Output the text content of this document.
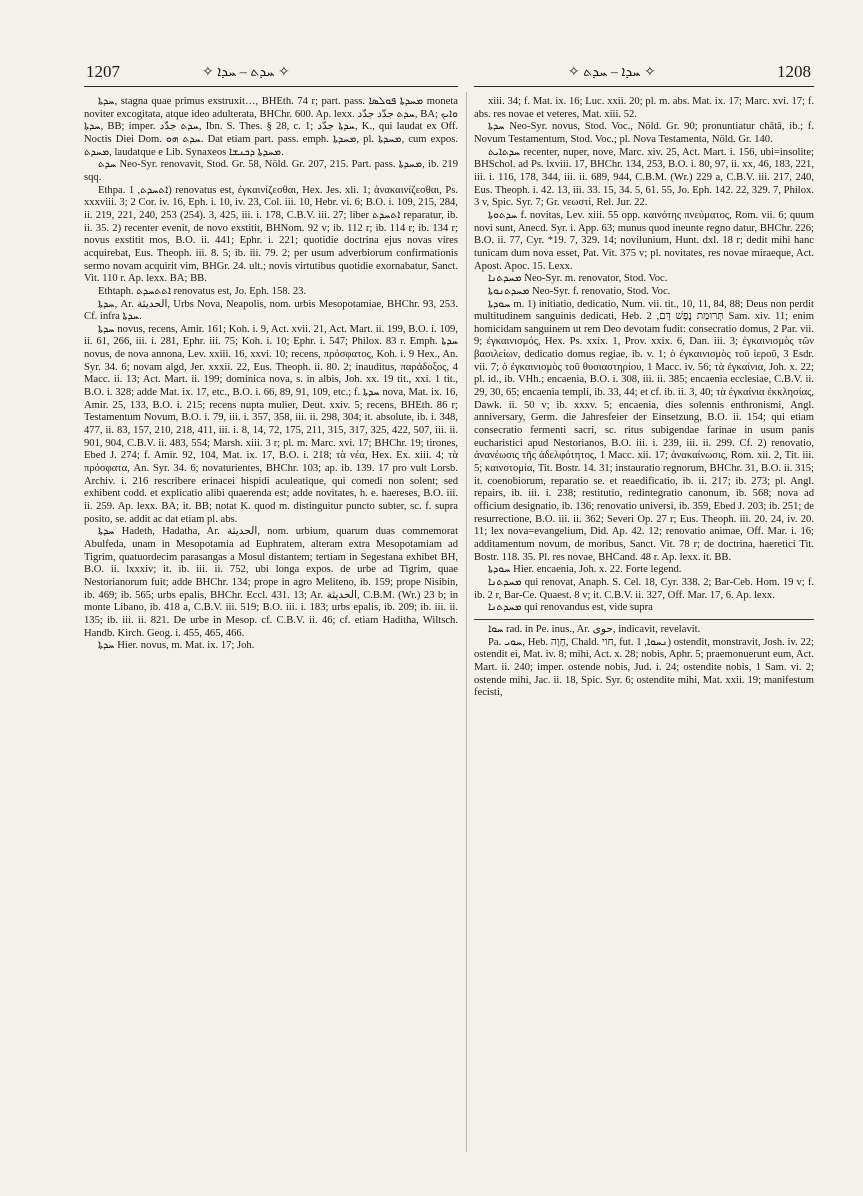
1207	✧ ܚܕܬ – ܚܕܐ ✧	✧ ܚܕܐ – ܚܕܬ ✧	1208

ܚܕܬܐ, stagna quae primus exstruxit…, BHEth. 74 r; part. pass. ܡܚܕܬܐ ܦܘܠܣܐ moneta noviter excogitata, atque ideo adulterata, BHChr. 600. Ap. lexx. ܚܕܬ جدّد جدّد, BA; ܘܐܝܟ ܚܕܬܐ, BB; imper. ܚܕܬ جدّد, Ibn. S. Thes. § 28, c. 1; ܚܕܬܐ جدّد, K., qui laudat ex Off. Noctis Diei Dom. ܚܕܬ ܗܘ. Dat etiam part. pass. emph. ܡܚܕܬܐ, pl. ܡܚܕܬܐ, cum expos. ܡܚܕܬ, laudatque e Lib. Synaxeos ܡܚܕܬܐ ܕܟܢܫܐ.

ܚܕܬ Neo-Syr. renovavit, Stod. Gr. 58, Nöld. Gr. 207, 215. Part. pass. ܡܚܕܬܐ, ib. 219 sqq.

Ethpa. ܐܬܚܕܬ, 1) renovatus est, ἐγκαινίζεσθαι, Hex. Jes. xli. 1; ἀνακαινίζεσθαι, Ps. xxxviii. 3; 2 Cor. iv. 16, Eph. i. 10, iv. 23, Col. iii. 10, Hebr. vi. 6; B.O. i. 109, 215, 284, ii. 219, 221, 240, 253 (254). 3, 425, iii. i. 178, C.B.V. iii. 27; liber ܐܬܚܕܬ reparatur, ib. ii. 35. 2) recenter evenit, de novo exstitit, BHNom. 92 v; ib. 112 r; ib. 114 r; ib. 134 r; novus exstitit mos, B.O. ii. 441; Ephr. i. 221; quotidie doctrina ejus novas vires acquirebat, Eus. Theoph. iii. 8. 5; ib. iii. 79. 2; per usum adverbiorum confirmationis sermo novam acquirit vim, BHGr. 24. ult.; novis virtutibus quotidie exornabatur, Sanct. Vit. 110 r. Ap. lexx. BA; BB.

Ethtaph. ܐܬܬܚܕܬ renovatus est, Jo. Eph. 158. 23.

ܚܕܬܐ, Ar. الحديثة, Urbs Nova, Neapolis, nom. urbis Mesopotamiae, BHChr. 93, 253. Cf. infra ܚܕܬܐ.

ܚܕܬܐ novus, recens, Amir. 161; Koh. i. 9, Act. xvii. 21, Act. Mart. ii. 199, B.O. i. 109, ii. 61, 266, iii. i. 281, Ephr. iii. 75; Koh. i. 10; Ephr. i. 547; Philox. 83 r. Emph. ܚܕܬܐ novus, de nova annona, Lev. xxiii. 16, xxvi. 10; recens, πρόσφατος, Koh. i. 9 Hex., An. Syr. 34. 6; novam algd, Jer. xxxii. 22, Eus. Theoph. ii. 80. 2; inauditus, παράδοξος, 4 Macc. ii. 13; Act. Mart. ii. 199; dominica nova, s. in albis, Joh. xx. 19 tit., xxi. 1 tit., B.O. i. 328; adde Mat. ix. 17, etc., B.O. i. 66, 89, 91, 109, etc.; f. ܚܕܬܐ nova, Mat. ix. 16, Amir. 25, 133, B.O. i. 215; recens nupta mulier, Deut. xxiv. 5; recens, BHEth. 86 r; Testamentum Novum, B.O. i. 79, iii. i. 357, 358, iii. ii. 298, 304; it. absolute, ib. i. 348, 477, ii. 83, 157, 210, 218, 411, iii. i. 8, 14, 72, 175, 211, 315, 317, 325, 422, 507, iii. ii. 901, 904, C.B.V. ii. 483, 554; Marsh. xiii. 3 r; pl. m. Marc. xvi. 17; BHChr. 19; tirones, Ebed J. 274; f. Amir. 92, 104, Mat. ix. 17, B.O. i. 218; τὰ νέα, Hex. Ex. xiii. 4; τὰ πρόσφατα, An. Syr. 34. 6; novaturientes, BHChr. 103; ap. ib. 139. 17 pro vult Lorsb. Archiv. i. 216 rescribere erinacei hispidi aculeatique, qui comedi non solent; sed exhibent codd. et explicatio alibi quaerenda est; adde novitates, h. e. haereses, B.O. iii. ii. 259. Ap. lexx. BA; it. BB; notat K. quod m. distinguitur puncto subter, sc. f. supra posito, se. addit ac dat etiam pl. abs.

ܚܕܬܐ Hadeth, Hadatha, Ar. الحديثة, nom. urbium, quarum duas commemorat Abulfeda, unam in Mesopotamia ad Euphratem, alteram extra Mesopotamiam ad Tigrim, quatuordecim parasangas a Mosul distantem; tertiam in Segestana exhibet BH, B.O. ii. lxxxiv; it. ib. iii. ii. 752, ubi longa expos. de urbe ad Tigrim, quae Nestorianorum fuit; adde BHChr. 134; prope in agro Meliteno, ib. 159; prope Nisibin, ib. 469; ib. 565; urbs epalis, BHChr. Eccl. 431. 13; Ar. الحديثة, C.B.M. (Wr.) 23 b; in monte Libano, ib. 418 a, C.B.V. iii. 519; B.O. iii. i. 183; urbs epalis, ib. 209; ib. iii. ii. 135; ib. iii. ii. 821. De urbe in Mesop. cf. C.B.V. ii. 46; cf. etiam Haditha, Wiltsch. Handb. Kirch. Geog. i. 455, 465, 466.

ܚܕܬܐ Hier. novus, m. Mat. ix. 17; Joh.

xiii. 34; f. Mat. ix. 16; Luc. xxii. 20; pl. m. abs. Mat. ix. 17; Marc. xvi. 17; f. abs. res novae et veteres, Mat. xiii. 52.

ܚܕܬܐ Neo-Syr. novus, Stod. Voc., Nöld. Gr. 90; pronuntiatur chātā, ib.; f. Novum Testamentum, Stod. Voc.; pl. Nova Testamenta, Nöld. Gr. 140.

ܚܕܬܐܝܬ recenter, nuper, nove, Marc. xiv. 25, Act. Mart. i. 156, ubi=insolite; BHSchol. ad Ps. lxviii. 17, BHChr. 134, 253, B.O. i. 80, 97, ii. xx, 46, 183, 221, iii. i. 116, 178, 344, iii. ii. 689, 944, C.B.M. (Wr.) 229 a, C.B.V. iii. 217, 240, Eus. Theoph. i. 42. 13, iii. 33. 15, 34. 5, 61. 55, Jo. Eph. 142. 22, 329. 7, Philox. 3 v, Spic. Syr. 7; Gr. νεωστί, Rel. Jur. 22.

ܚܕܬܘܬܐ f. novitas, Lev. xiii. 55 opp. καινότης πνεύματος, Rom. vii. 6; quum novi sunt, Anecd. Syr. i. App. 63; munus quod ineunte regno datur, BHChr. 226; B.O. ii. 77, Cyr. *19. 7, 329. 14; novilunium, Hunt. dxl. 18 r; dedit mihi hanc tunicam dum nova esset, Pat. Vit. 375 v; pl. novitates, res novae miraeque, Act. Apost. Apoc. 15. Lexx.

ܡܚܕܬܢܐ Neo-Syr. m. renovator, Stod. Voc.

ܡܚܕܬܢܘܬܐ Neo-Syr. f. renovatio, Stod. Voc.

ܚܘܕܬܐ m. 1) initiatio, dedicatio, Num. vii. tit., 10, 11, 84, 88; Deus non perdit multitudinem sanguinis dedicati, Heb. תְּרוּמַת נֶפֶשׁ דָּם, 2 Sam. xiv. 11; enim homicidam sanguinem ut rem Deo devotam fudit: consecratio domus, 2 Par. vii. 9; ἐγκαινισμός, Hex. Ps. xxix. 1, Prov. xxix. 6, Dan. iii. 3; ἐγκαινισμὸς τῶν βασιλείων, dedicatio domus regiae, ib. v. 1; ὁ ἐγκαινισμὸς τοῦ ἱεροῦ, 3 Esdr. vii. 7; ὁ ἐγκαινισμὸς τοῦ θυσιαστηρίου, 1 Macc. iv. 56; τὰ ἐγκαίνια, Joh. x. 22; pl. id., ib. VHh.; encaenia, B.O. i. 308, iii. ii. 385; encaenia ecclesiae, C.B.V. ii. 29, 30, 65; encaenia templi, ib. 33, 44; et cf. ib. ii. 3, 40; τὰ ἐγκαίνια ἐκκλησίας, Dawk. ii. 50 v; ib. xxxv. 5; encaenia, dies solennis enthronismi, Angl. anniversary, Germ. die Jahresfeier der Einsetzung, B.O. ii. 154; qui etiam consecratio fermenti sacri, sc. ritus subigendae farinae in usum panis eucharistici apud Nestorianos, B.O. iii. i. 239, iii. ii. 299. Cf. 2) renovatio, ἀνανέωσις τῆς ἀδελφότητος, 1 Macc. xii. 17; ἀνακαίνωσις, Rom. xii. 2, Tit. iii. 5; καινοτομία, Tit. Bostr. 14. 31; instauratio regnorum, BHChr. 31, B.O. ii. 315; it. coenobiorum, reparatio se. et reaedificatio, ib. ii. 217; ib. 273; pl. Angl. repairs, ib. iii. i. 238; restitutio, redintegratio canonum, ib. 568; nova ad officium designatio, ib. 136; renovatio universi, ib. 359, Ebed J. 203; ib. 251; de resurrectione, B.O. iii. ii. 362; Severi Op. 27 r; Eus. Theoph. iii. 20. 24, iv. 20. 11; lex nova=evangelium, Did. Ap. 42. 12; renovatio animae, Off. Mar. i. 16; additamentum novum, de moribus, Sanct. Vit. 78 r; de doctrina, haeretici Tit. Bostr. 118. 35. Pl. res novae, BHCand. 48 r. Ap. lexx. it. BB.

ܚܘܕܬܐ Hier. encaenia, Joh. x. 22. Forte legend.

ܡܚܕܬܢܐ qui renovat, Anaph. S. Cel. 18, Cyr. 338. 2; Bar-Ceb. Hom. 19 v; f. ib. 2 r, Bar-Ce. Quaest. 8 v; it. C.B.V. ii. 327, Off. Mar. 17, 6. Ap. lexx.

ܡܚܕܬܢܐ qui renovandus est, vide supra

ܚܘܐ rad. in Pe. inus., Ar. حوى, indicavit, revelavit.

Pa. ܚܘܝ, Heb. חָוָה, Chald. חוי, fut. ܢܚܘܐ, 1) ostendit, monstravit, Josh. iv. 22; ostendit ei, Mat. iv. 8; mihi, Act. x. 28; nobis, Aphr. 5; praemonuerunt eum, Act. Mart. ii. 240; imper. ostende nobis, Jud. i. 24; ostendite nobis, 1 Sam. vi. 2; ostende mihi, Jac. ii. 18, Spic. Syr. 6; ostendite mihi, Mat. xxii. 19; manifestum fecisti,
